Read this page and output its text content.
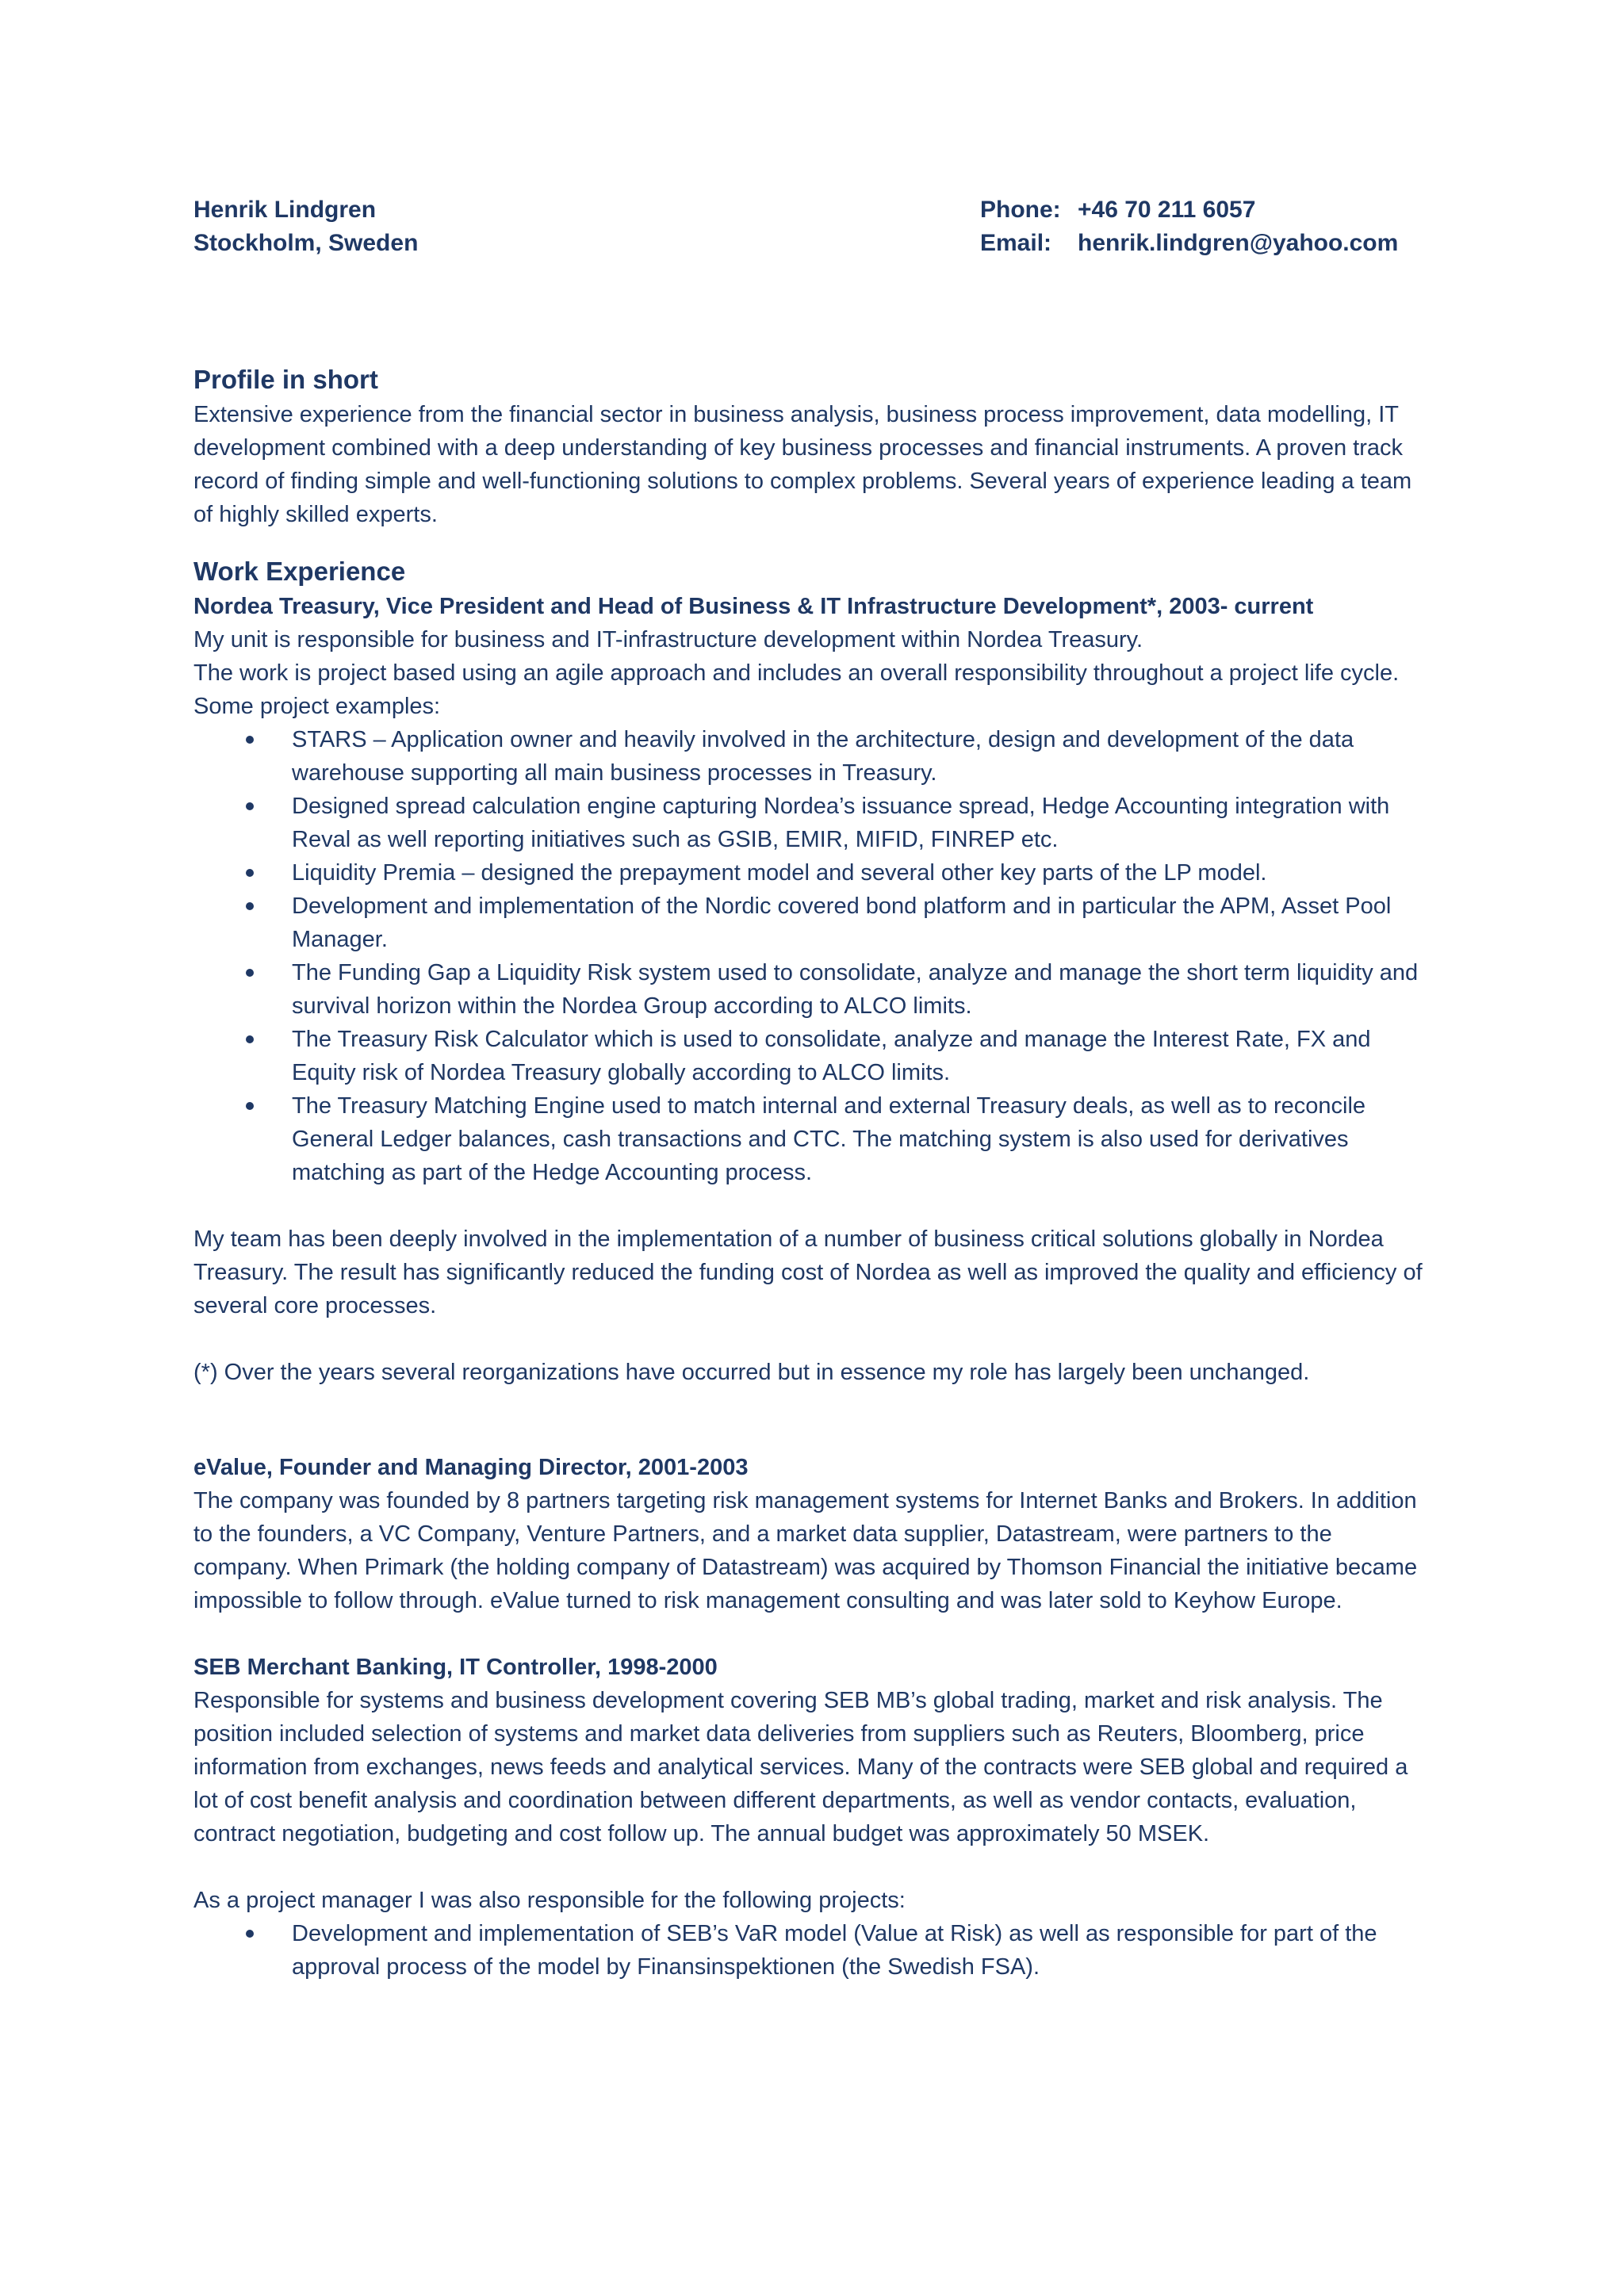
Henrik Lindgren
Stockholm, Sweden
Phone: +46 70 211 6057
Email:	henrik.lindgren@yahoo.com
Profile in short

Extensive experience from the financial sector in business analysis, business process improvement, data modelling, IT development combined with a deep understanding of key business processes and financial instruments. A proven track record of finding simple and well-functioning solutions to complex problems. Several years of experience leading a team of highly skilled experts.

Work Experience
Nordea Treasury, Vice President and Head of Business & IT Infrastructure Development*, 2003- current

My unit is responsible for business and IT-infrastructure development within Nordea Treasury.

The work is project based using an agile approach and includes an overall responsibility throughout a project life cycle. Some project examples:

STARS – Application owner and heavily involved in the architecture, design and development of the data warehouse supporting all main business processes in Treasury.
Designed spread calculation engine capturing Nordea’s issuance spread, Hedge Accounting integration with Reval as well reporting initiatives such as GSIB, EMIR, MIFID, FINREP etc.
Liquidity Premia – designed the prepayment model and several other key parts of the LP model.
Development and implementation of the Nordic covered bond platform and in particular the APM, Asset Pool Manager.
The Funding Gap a Liquidity Risk system used to consolidate, analyze and manage the short term liquidity and survival horizon within the Nordea Group according to ALCO limits.
The Treasury Risk Calculator which is used to consolidate, analyze and manage the Interest Rate, FX and Equity risk of Nordea Treasury globally according to ALCO limits.
The Treasury Matching Engine used to match internal and external Treasury deals, as well as to reconcile General Ledger balances, cash transactions and CTC. The matching system is also used for derivatives matching as part of the Hedge Accounting process.

My team has been deeply involved in the implementation of a number of business critical solutions globally in Nordea Treasury. The result has significantly reduced the funding cost of Nordea as well as improved the quality and efficiency of several core processes.

(*) Over the years several reorganizations have occurred but in essence my role has largely been unchanged.

eValue, Founder and Managing Director, 2001-2003

The company was founded by 8 partners targeting risk management systems for Internet Banks and Brokers. In addition to the founders, a VC Company, Venture Partners, and a market data supplier, Datastream, were partners to the company. When Primark (the holding company of Datastream) was acquired by Thomson Financial the initiative became impossible to follow through. eValue turned to risk management consulting and was later sold to Keyhow Europe.

SEB Merchant Banking, IT Controller, 1998-2000

Responsible for systems and business development covering SEB MB’s global trading, market and risk analysis. The position included selection of systems and market data deliveries from suppliers such as Reuters, Bloomberg, price information from exchanges, news feeds and analytical services. Many of the contracts were SEB global and required a lot of cost benefit analysis and coordination between different departments, as well as vendor contacts, evaluation, contract negotiation, budgeting and cost follow up. The annual budget was approximately 50 MSEK.

As a project manager I was also responsible for the following projects:

Development and implementation of SEB’s VaR model (Value at Risk) as well as responsible for part of the approval process of the model by Finansinspektionen (the Swedish FSA).
